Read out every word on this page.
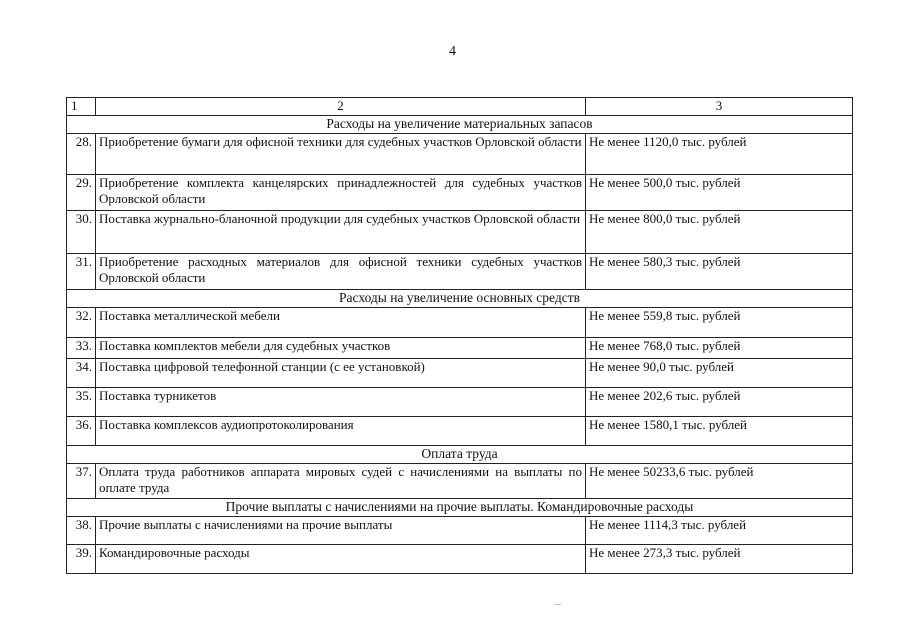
4
1	2	3
Расходы на увеличение материальных запасов		
28.	Приобретение бумаги для офисной техники для судебных участков Орловской области	Не менее 1120,0 тыс. рублей
29.	Приобретение комплекта канцелярских принадлежностей для судебных участков Орловской области	Не менее 500,0 тыс. рублей
30.	Поставка журнально-бланочной продукции для судебных участков Орловской области	Не менее 800,0 тыс. рублей
31.	Приобретение расходных материалов для офисной техники судебных участков Орловской области	Не менее 580,3 тыс. рублей
Расходы на увеличение основных средств		
32.	Поставка металлической мебели	Не менее 559,8 тыс. рублей
33.	Поставка комплектов мебели для судебных участков	Не менее 768,0 тыс. рублей
34.	Поставка цифровой телефонной станции (с ее установкой)	Не менее 90,0 тыс. рублей
35.	Поставка турникетов	Не менее 202,6 тыс. рублей
36.	Поставка комплексов аудиопротоколирования	Не менее 1580,1 тыс. рублей
Оплата труда		
37.	Оплата труда работников аппарата мировых судей с начислениями на выплаты по оплате труда	Не менее 50233,6 тыс. рублей
Прочие выплаты с начислениями на прочие выплаты. Командировочные расходы		
38.	Прочие выплаты с начислениями на прочие выплаты	Не менее 1114,3 тыс. рублей
39.	Командировочные расходы	Не менее 273,3 тыс. рублей
